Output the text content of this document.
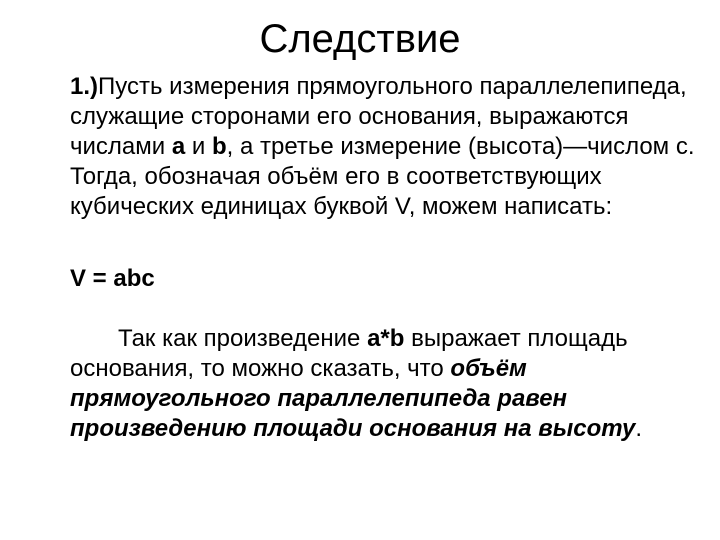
Следствие

1.)Пусть измерения прямоугольного параллелепипеда, служащие сторонами его основания, выражаются числами a и b, а третье измерение (высота)—числом с. Тогда, обозначая объём его в соответствующих кубических единицах буквой V, можем написать:

V = abc

Так как произведение a*b выражает площадь основания, то можно сказать, что объём прямоугольного параллелепипеда равен произведению площади основания на высоту.
